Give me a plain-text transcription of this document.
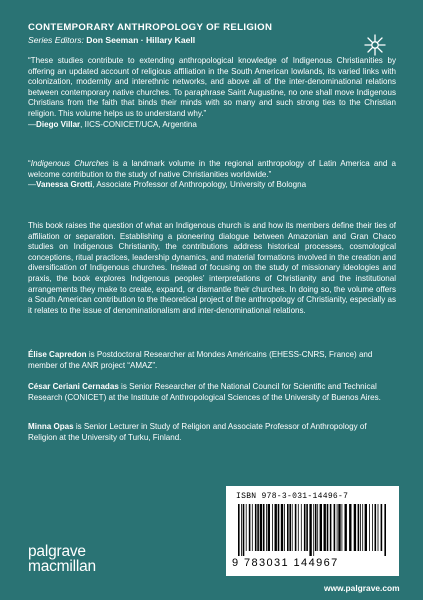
CONTEMPORARY ANTHROPOLOGY OF RELIGION
Series Editors: Don Seeman · Hillary Kaell

“These studies contribute to extending anthropological knowledge of Indigenous Christianities by offering an updated account of religious affiliation in the South American lowlands, its varied links with colonization, modernity and interethnic networks, and above all of the inter-denominational relations between contemporary native churches. To paraphrase Saint Augustine, no one shall move Indigenous Christians from the faith that binds their minds with so many and such strong ties to the Christian religion. This volume helps us to understand why.”

—Diego Villar, IICS-CONICET/UCA, Argentina

“Indigenous Churches is a landmark volume in the regional anthropology of Latin America and a welcome contribution to the study of native Christianities worldwide.”

—Vanessa Grotti, Associate Professor of Anthropology, University of Bologna
This book raises the question of what an Indigenous church is and how its members define their ties of affiliation or separation. Establishing a pioneering dialogue between Amazonian and Gran Chaco studies on Indigenous Christianity, the contributions address historical processes, cosmological conceptions, ritual practices, leadership dynamics, and material formations involved in the creation and diversification of Indigenous churches. Instead of focusing on the study of missionary ideologies and praxis, the book explores Indigenous peoples’ interpretations of Christianity and the institutional arrangements they make to create, expand, or dismantle their churches. In doing so, the volume offers a South American contribution to the theoretical project of the anthropology of Christianity, especially as it relates to the issue of denominationalism and inter-denominational relations.
Élise Capredon is Postdoctoral Researcher at Mondes Américains (EHESS-CNRS, France) and member of the ANR project “AMAZ”.
César Ceriani Cernadas is Senior Researcher of the National Council for Scientific and Technical Research (CONICET) at the Institute of Anthropological Sciences of the University of Buenos Aires.
Minna Opas is Senior Lecturer in Study of Religion and Associate Professor of Anthropology of Religion at the University of Turku, Finland.
ISBN 978-3-031-14496-7
9 783031 144967
palgrave
macmillan
www.palgrave.com
